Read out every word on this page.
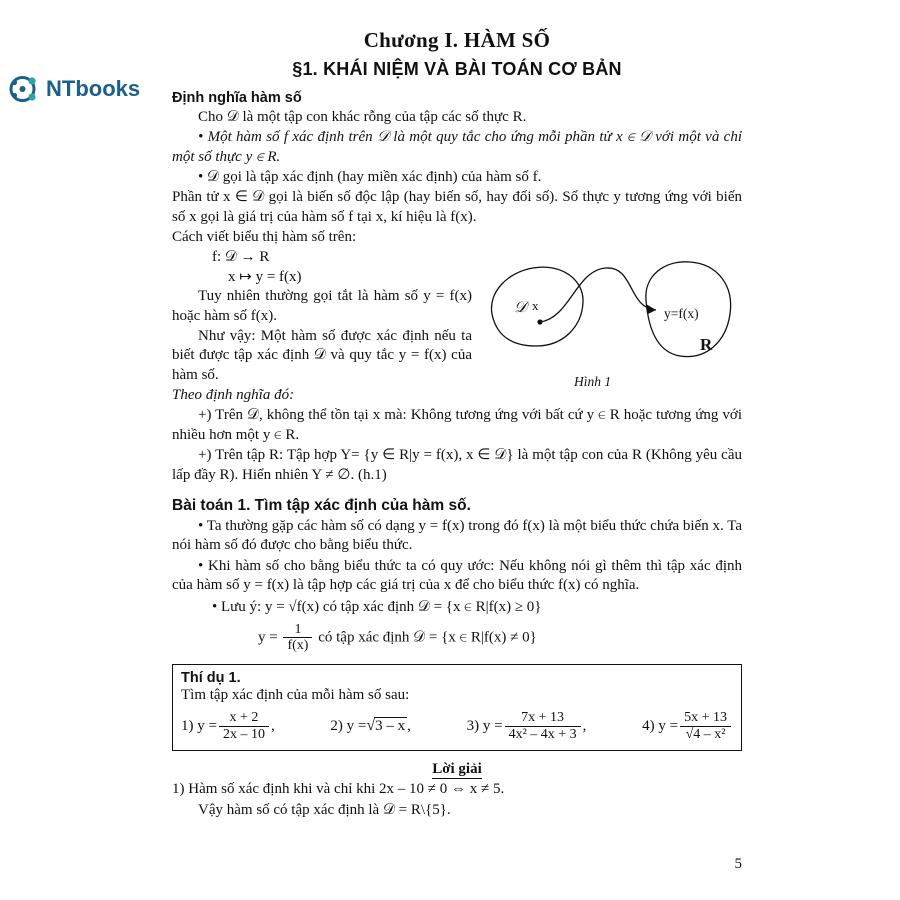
NTbooks
Chương I. HÀM SỐ
§1. KHÁI NIỆM VÀ BÀI TOÁN CƠ BẢN
Định nghĩa hàm số

Cho 𝒟 là một tập con khác rỗng của tập các số thực R.

• Một hàm số f xác định trên 𝒟 là một quy tắc cho ứng mỗi phần tử x ∈ 𝒟 với một và chỉ một số thực y ∈ R.

• 𝒟 gọi là tập xác định (hay miền xác định) của hàm số f.

Phần tử x ∈ 𝒟 gọi là biến số độc lập (hay biến số, hay đối số). Số thực y tương ứng với biến số x gọi là giá trị của hàm số f tại x, kí hiệu là f(x).

Cách viết biểu thị hàm số trên:

f: 𝒟 → R

x ↦ y = f(x)

Tuy nhiên thường gọi tắt là hàm số y = f(x) hoặc hàm số f(x).

Như vậy: Một hàm số được xác định nếu ta biết được tập xác định 𝒟 và quy tắc y = f(x) của hàm số.

Theo định nghĩa đó:

𝒟 x
y=f(x)
R
Hình 1

+) Trên 𝒟, không thể tồn tại x mà: Không tương ứng với bất cứ y ∈ R hoặc tương ứng với nhiều hơn một y ∈ R.

+) Trên tập R: Tập hợp Y= {y ∈ R|y = f(x), x ∈ 𝒟} là một tập con của R (Không yêu cầu lấp đầy R). Hiển nhiên Y ≠ ∅. (h.1)

Bài toán 1. Tìm tập xác định của hàm số.

• Ta thường gặp các hàm số có dạng y = f(x) trong đó f(x) là một biểu thức chứa biến x. Ta nói hàm số đó được cho bằng biểu thức.

• Khi hàm số cho bằng biểu thức ta có quy ước: Nếu không nói gì thêm thì tập xác định của hàm số y = f(x) là tập hợp các giá trị của x để cho biểu thức f(x) có nghĩa.

• Lưu ý: y = √f(x) có tập xác định 𝒟 = {x ∈ R|f(x) ≥ 0}

$y = \frac{1}{f(x)}$ có tập xác định 𝒟 = {x ∈ R|f(x) ≠ 0}

Thí dụ 1.
Tìm tập xác định của mỗi hàm số sau:
1) $y = \frac{x + 2}{2x - 10}$ ,	2) y = √ 3 – x ,	3) $y = \frac{7x + 13}{\text{4x² – 4x + 3}}$ ,	4) $y = \frac{5x + 13}{\text{√4 – x²}}$
Lời giải

1) Hàm số xác định khi và chỉ khi 2x – 10 ≠ 0 ⇔ x ≠ 5.

Vậy hàm số có tập xác định là 𝒟 = R\{5}.

5
